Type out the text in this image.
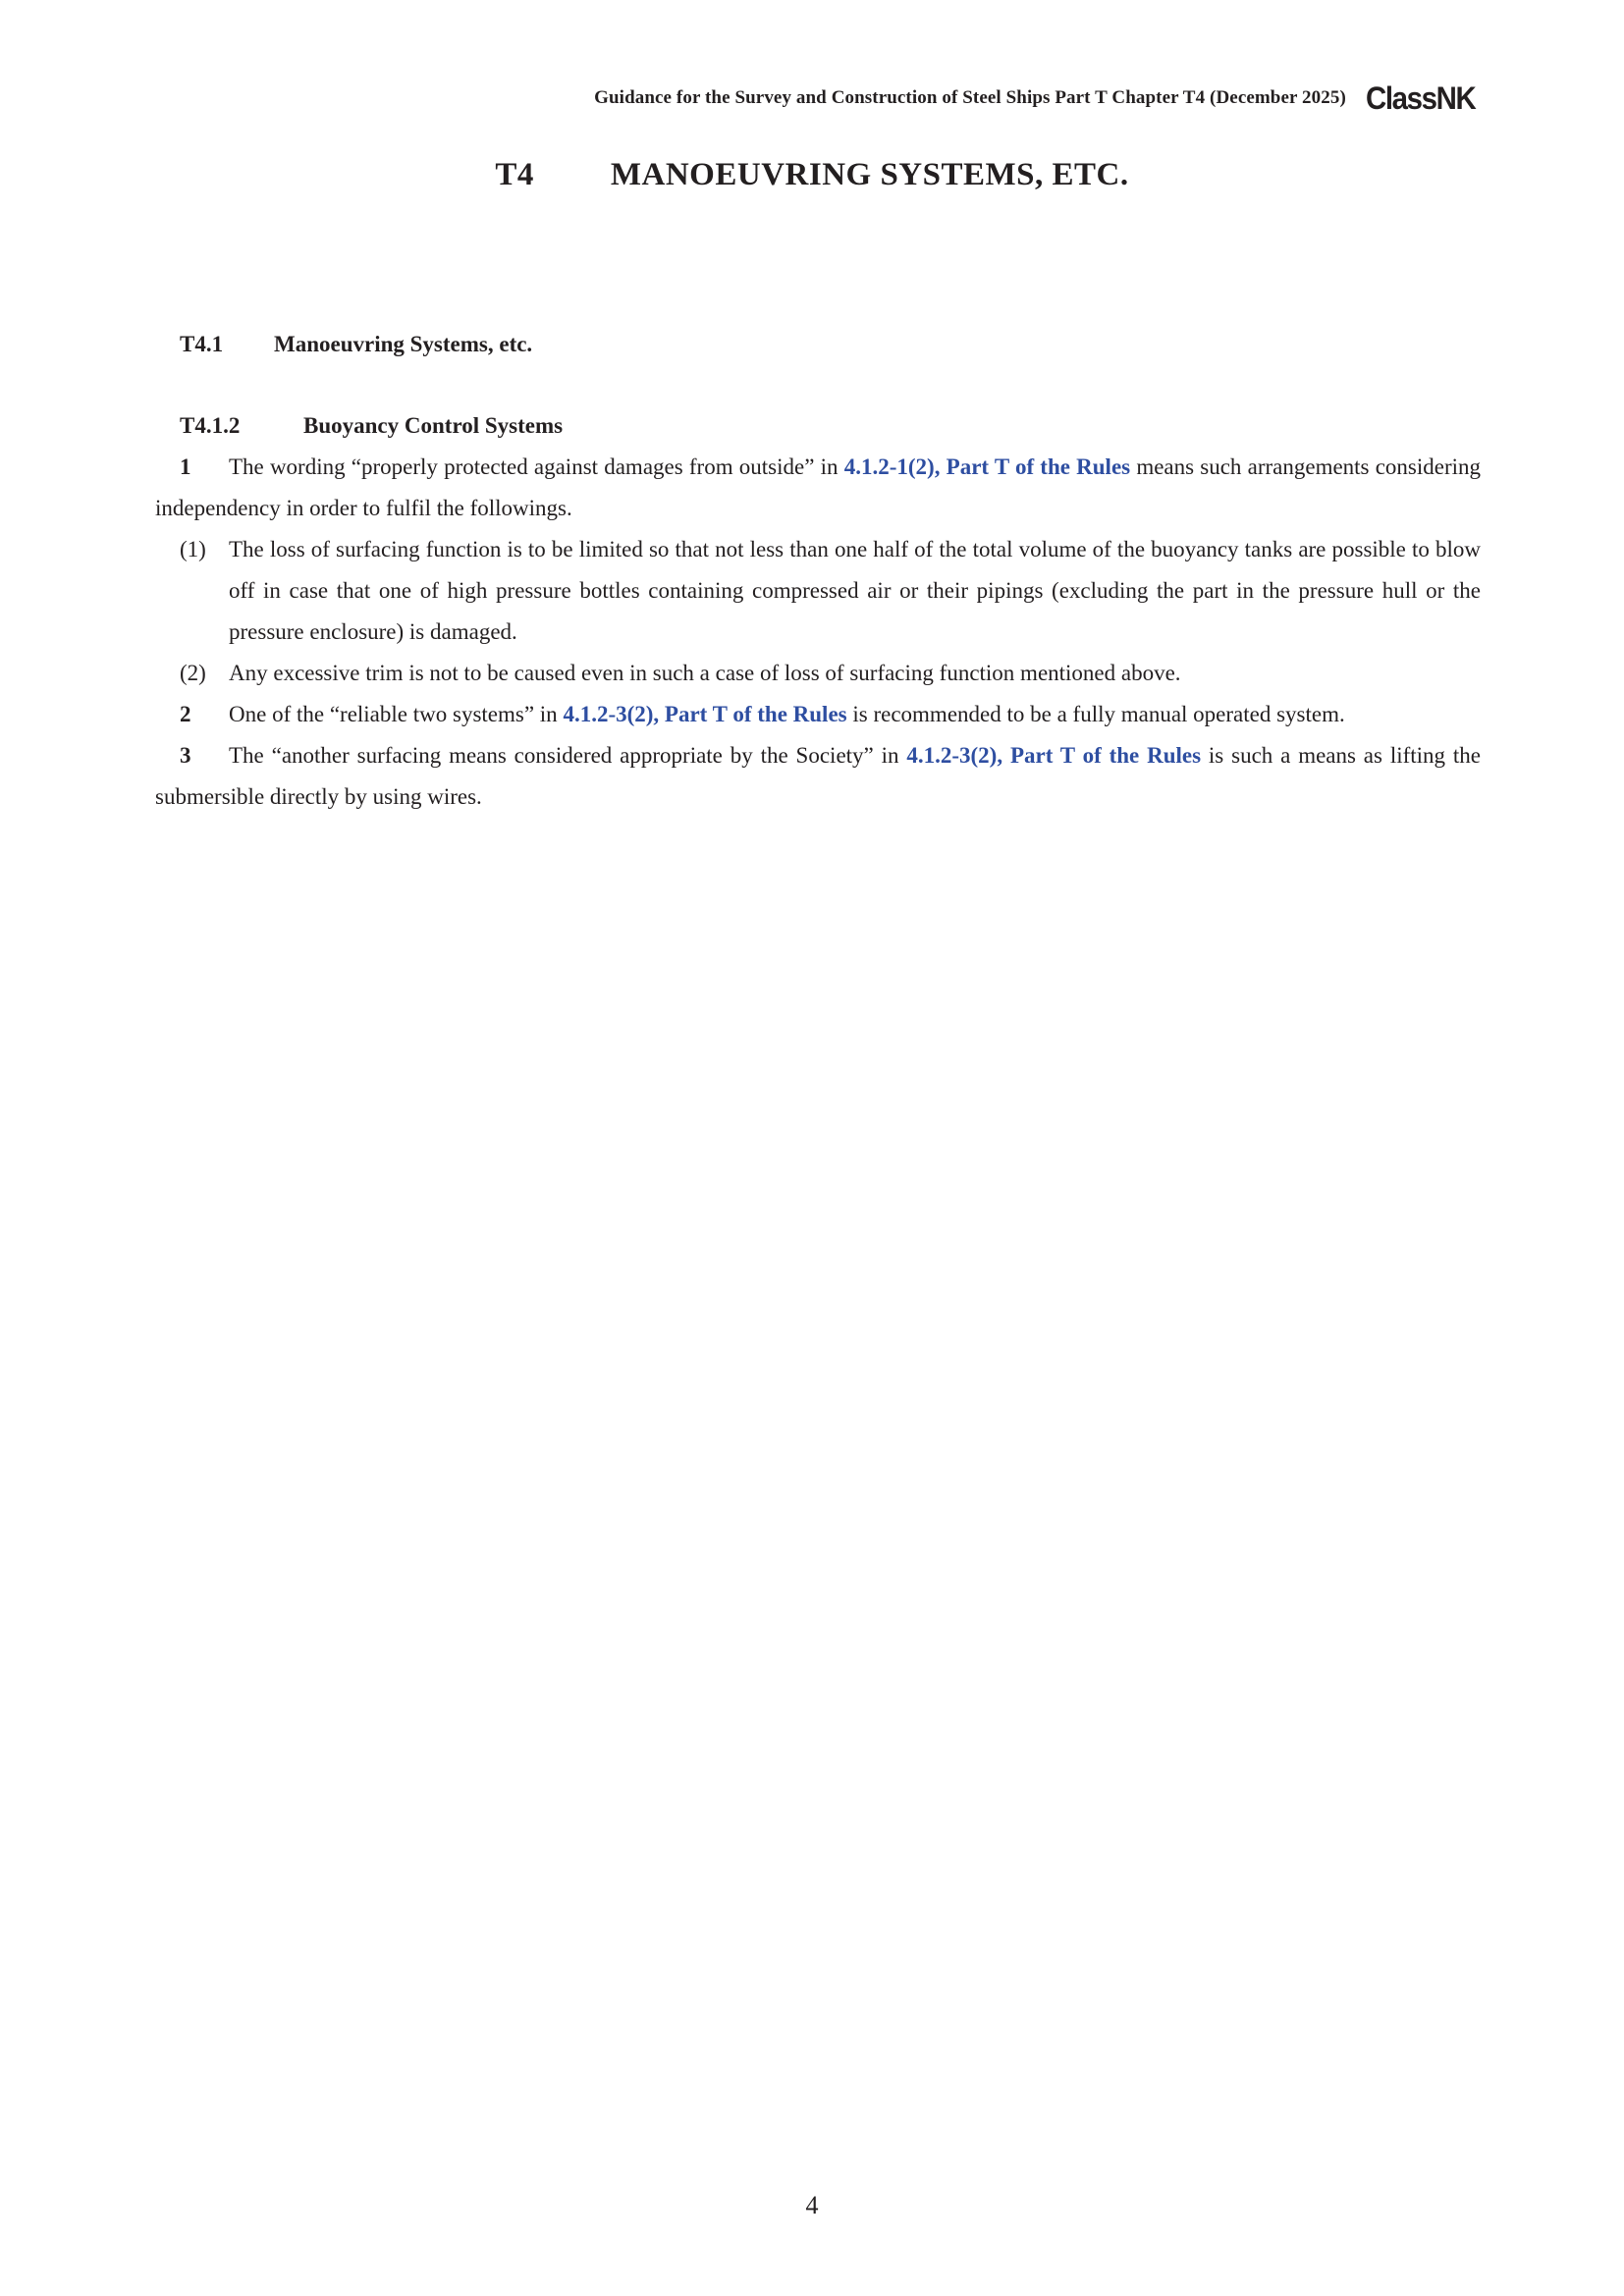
Guidance for the Survey and Construction of Steel Ships Part T Chapter T4 (December 2025) ClassNK
T4 MANOEUVRING SYSTEMS, ETC.
T4.1	Manoeuvring Systems, etc.
T4.1.2	Buoyancy Control Systems
1 The wording “properly protected against damages from outside” in 4.1.2-1(2), Part T of the Rules means such arrangements considering independency in order to fulfil the followings.
(1) The loss of surfacing function is to be limited so that not less than one half of the total volume of the buoyancy tanks are possible to blow off in case that one of high pressure bottles containing compressed air or their pipings (excluding the part in the pressure hull or the pressure enclosure) is damaged.
(2) Any excessive trim is not to be caused even in such a case of loss of surfacing function mentioned above.
2 One of the “reliable two systems” in 4.1.2-3(2), Part T of the Rules is recommended to be a fully manual operated system.
3 The “another surfacing means considered appropriate by the Society” in 4.1.2-3(2), Part T of the Rules is such a means as lifting the submersible directly by using wires.
4
